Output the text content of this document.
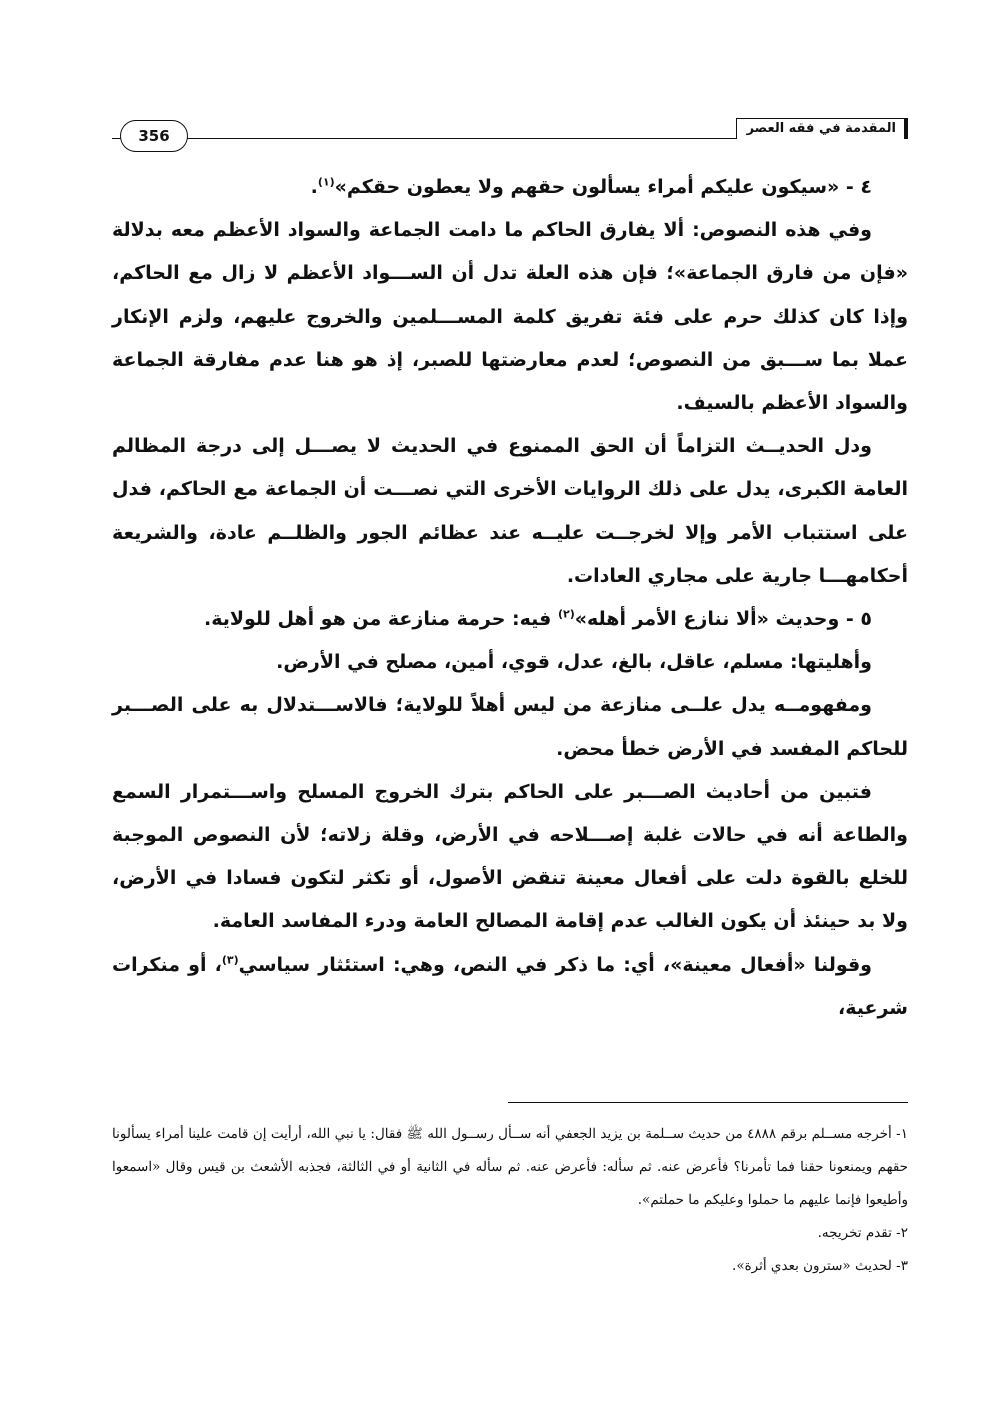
المقدمة في فقه العصر
356

٤ - «سيكون عليكم أمراء يسألون حقهم ولا يعطون حقكم»$^{(١)}$.

وفي هذه النصوص: ألا يفارق الحاكم ما دامت الجماعة والسواد الأعظم معه بدلالة «فإن من فارق الجماعة»؛ فإن هذه العلة تدل أن الســـواد الأعظم لا زال مع الحاكم، وإذا كان كذلك حرم على فئة تفريق كلمة المســـلمين والخروج عليهم، ولزم الإنكار عملا بما ســـبق من النصوص؛ لعدم معارضتها للصبر، إذ هو هنا عدم مفارقة الجماعة والسواد الأعظم بالسيف.

ودل الحديــث التزاماً أن الحق الممنوع في الحديث لا يصـــل إلى درجة المظالم العامة الكبرى، يدل على ذلك الروايات الأخرى التي نصـــت أن الجماعة مع الحاكم، فدل على استتباب الأمر وإلا لخرجــت عليــه عند عظائم الجور والظلــم عادة، والشريعة أحكامهـــا جارية على مجاري العادات.

٥ - وحديث «ألا ننازع الأمر أهله»$^{(٢)}$ فيه: حرمة منازعة من هو أهل للولاية.

وأهليتها: مسلم، عاقل، بالغ، عدل، قوي، أمين، مصلح في الأرض.

ومفهومــه يدل علــى منازعة من ليس أهلاً للولاية؛ فالاســـتدلال به على الصـــبر للحاكم المفسد في الأرض خطأ محض.

فتبين من أحاديث الصـــبر على الحاكم بترك الخروج المسلح واســـتمرار السمع والطاعة أنه في حالات غلبة إصـــلاحه في الأرض، وقلة زلاته؛ لأن النصوص الموجبة للخلع بالقوة دلت على أفعال معينة تنقض الأصول، أو تكثر لتكون فسادا في الأرض، ولا بد حينئذ أن يكون الغالب عدم إقامة المصالح العامة ودرء المفاسد العامة.

وقولنا «أفعال معينة»، أي: ما ذكر في النص، وهي: استئثار سياسي$^{(٣)}$، أو منكرات شرعية،

١- أخرجه مســلم برقم ٤٨٨٨ من حديث ســلمة بن يزيد الجعفي أنه ســأل رســول الله ﷺ فقال: يا نبي الله، أرأيت إن قامت علينا أمراء يسألونا حقهم ويمنعونا حقنا فما تأمرنا؟ فأعرض عنه. ثم سأله: فأعرض عنه. ثم سأله في الثانية أو في الثالثة، فجذبه الأشعث بن قيس وقال «اسمعوا وأطيعوا فإنما عليهم ما حملوا وعليكم ما حملتم».

٢- تقدم تخريجه.

٣- لحديث «سترون بعدي أثرة».
